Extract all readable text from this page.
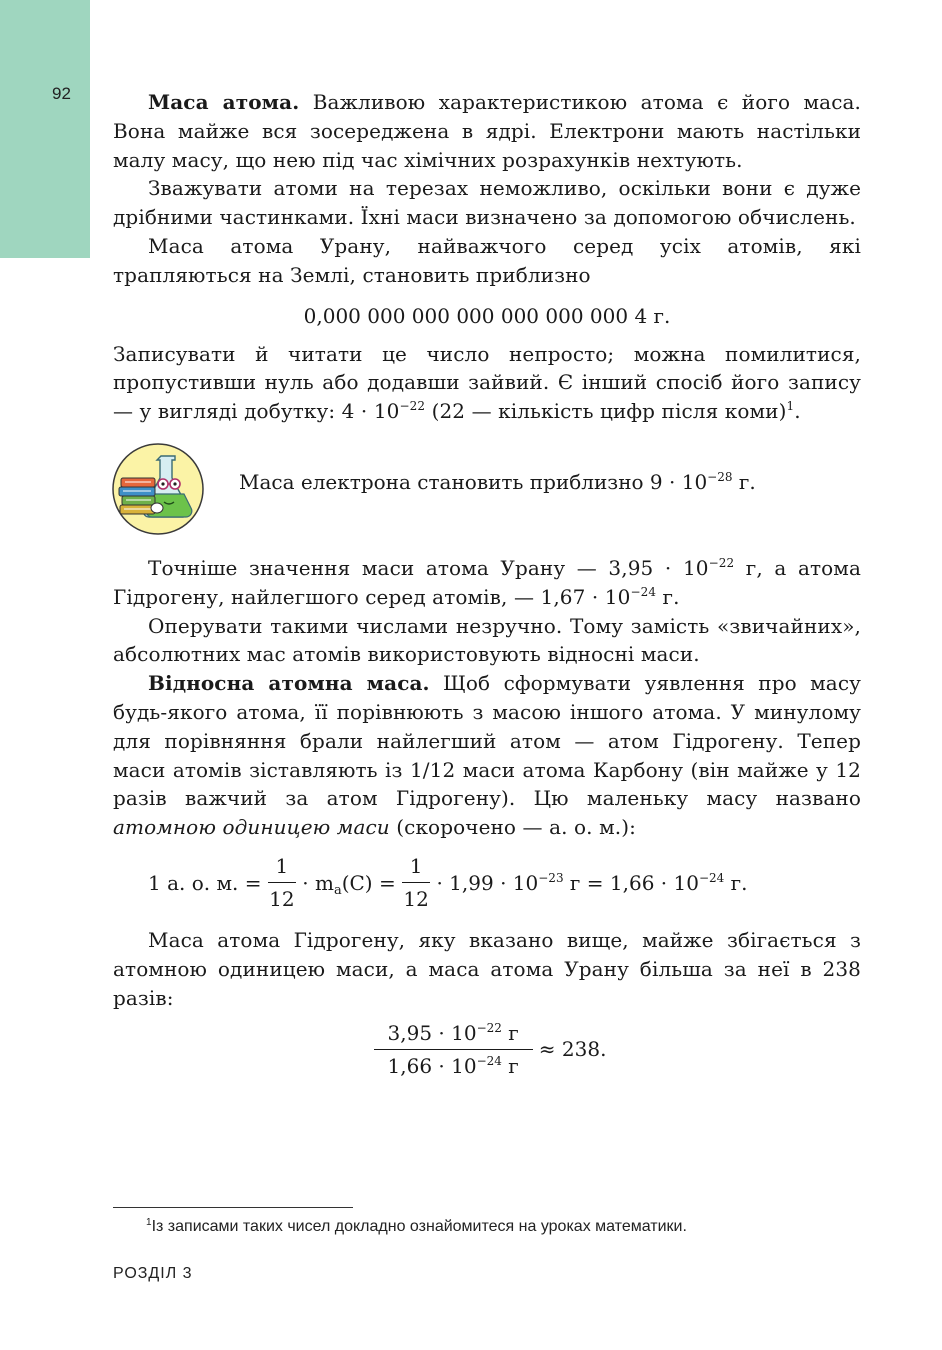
92	Маса атома. Важливою характеристикою атома є його маса. Вона майже вся зосереджена в ядрі. Електрони мають настільки малу масу, що нею під час хімічних розрахунків нехтують.

Зважувати атоми на терезах неможливо, оскільки вони є дуже дрібними частинками. Їхні маси визначено за допомогою обчислень.

Маса атома Урану, найважчого серед усіх атомів, які трапляються на Землі, становить приблизно

0,000 000 000 000 000 000 000 4 г.

Записувати й читати це число непросто; можна помилитися, пропустивши нуль або додавши зайвий. Є інший спосіб його запису — у вигляді добутку: $4 \cdot 10^{-22}$ (22 — кількість цифр після коми)$^1$.

Маса електрона становить приблизно $9 \cdot 10^{-28}$ г.

Точніше значення маси атома Урану — $3,95 \cdot 10^{-22}$ г, а атома Гідрогену, найлегшого серед атомів, — $1,67 \cdot 10^{-24}$ г.

Оперувати такими числами незручно. Тому замість «звичайних», абсолютних мас атомів використовують відносні маси.

Відносна атомна маса. Щоб сформувати уявлення про масу будь-якого атома, її порівнюють з масою іншого атома. У минулому для порівняння брали найлегший атом — атом Гідрогену. Тепер маси атомів зіставляють із 1/12 маси атома Карбону (він майже у 12 разів важчий за атом Гідрогену). Цю маленьку масу названо атомною одиницею маси (скорочено — а. о. м.):

1 а. о. м. = $\frac{1}{12} \cdot m_a(C) = \frac{1}{12} \cdot 1,99 \cdot 10^{-23}$ $г = 1,66 \cdot 10^{-24}$ г.

Маса атома Гідрогену, яку вказано вище, майже збігається з атомною одиницею маси, а маса атома Урану більша за неї в 238 разів:

$\frac{3,95 \cdot 10^{-22} г}{1,66 \cdot 10^{-24} г} \approx 238$.
$^1$Із записами таких чисел докладно ознайомитеся на уроках математики.
РОЗДІЛ 3
